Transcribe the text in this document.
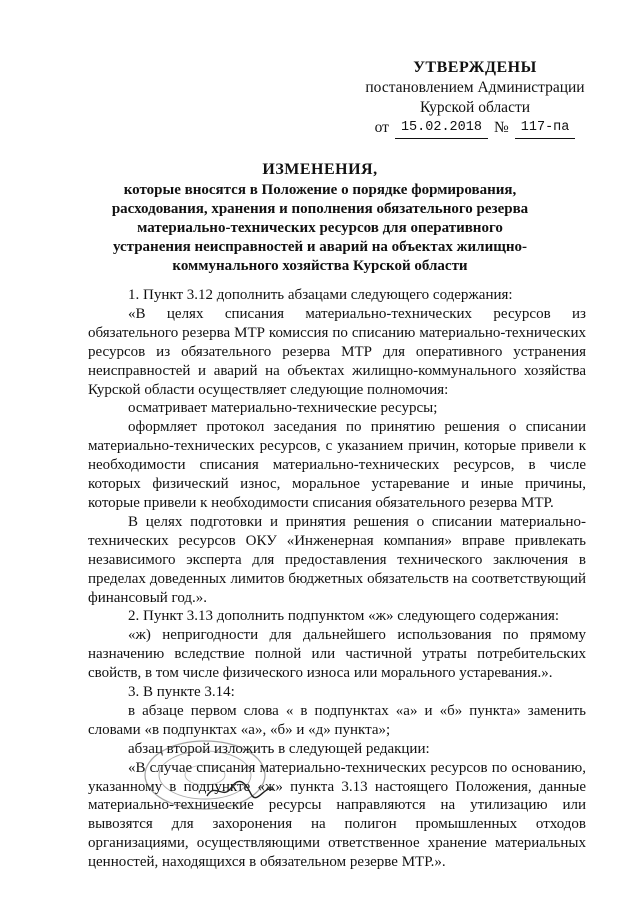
УТВЕРЖДЕНЫ
постановлением Администрации
Курской области
от 15.02.2018 № 117-па
ИЗМЕНЕНИЯ,
которые вносятся в Положение о порядке формирования, расходования, хранения и пополнения обязательного резерва материально-технических ресурсов для оперативного устранения неисправностей и аварий на объектах жилищно-коммунального хозяйства Курской области

1. Пункт 3.12 дополнить абзацами следующего содержания:

«В целях списания материально-технических ресурсов из обязательного резерва МТР комиссия по списанию материально-технических ресурсов из обязательного резерва МТР для оперативного устранения неисправностей и аварий на объектах жилищно-коммунального хозяйства Курской области осуществляет следующие полномочия:

осматривает материально-технические ресурсы;

оформляет протокол заседания по принятию решения о списании материально-технических ресурсов, с указанием причин, которые привели к необходимости списания материально-технических ресурсов, в числе которых физический износ, моральное устаревание и иные причины, которые привели к необходимости списания обязательного резерва МТР.

В целях подготовки и принятия решения о списании материально-технических ресурсов ОКУ «Инженерная компания» вправе привлекать независимого эксперта для предоставления технического заключения в пределах доведенных лимитов бюджетных обязательств на соответствующий финансовый год.».

2. Пункт 3.13 дополнить подпунктом «ж» следующего содержания:

«ж) непригодности для дальнейшего использования по прямому назначению вследствие полной или частичной утраты потребительских свойств, в том числе физического износа или морального устаревания.».

3. В пункте 3.14:

в абзаце первом слова « в подпунктах «а» и «б» пункта» заменить словами «в подпунктах «а», «б» и «д» пункта»;

абзац второй изложить в следующей редакции:

«В случае списания материально-технических ресурсов по основанию, указанному в подпункте «ж» пункта 3.13 настоящего Положения, данные материально-технические ресурсы направляются на утилизацию или вывозятся для захоронения на полигон промышленных отходов организациями, осуществляющими ответственное хранение материальных ценностей, находящихся в обязательном резерве МТР.».
